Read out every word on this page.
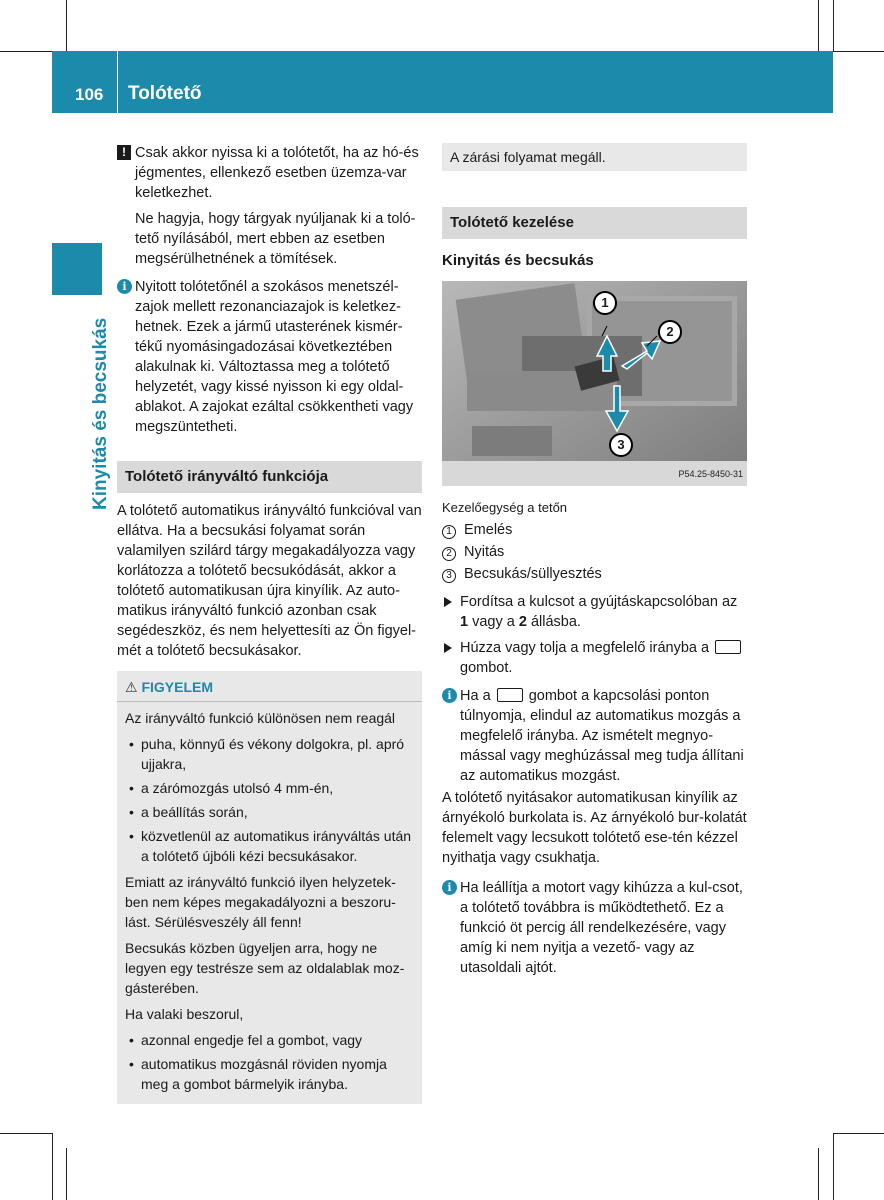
106 Tolótető
Kinyitás és becsukás
! Csak akkor nyissa ki a tolótetőt, ha az hó-és jégmentes, ellenkező esetben üzemza-var keletkezhet.

Ne hagyja, hogy tárgyak nyúljanak ki a toló-tető nyílásából, mert ebben az esetben megsérülhetnének a tömítések.

i Nyitott tolótetőnél a szokásos menetszél-zajok mellett rezonanciazajok is keletkez-hetnek. Ezek a jármű utasterének kismér-tékű nyomásingadozásai következtében alakulnak ki. Változtassa meg a tolótető helyzetét, vagy kissé nyisson ki egy oldal-ablakot. A zajokat ezáltal csökkentheti vagy megszüntetheti.

Tolótető irányváltó funkciója

A tolótető automatikus irányváltó funkcióval van ellátva. Ha a becsukási folyamat során valamilyen szilárd tárgy megakadályozza vagy korlátozza a tolótető becsukódását, akkor a tolótető automatikusan újra kinyílik. Az auto-matikus irányváltó funkció azonban csak segédeszköz, és nem helyettesíti az Ön figyel-mét a tolótető becsukásakor.

⚠ FIGYELEM

Az irányváltó funkció különösen nem reagál

• puha, könnyű és vékony dolgokra, pl. apró ujjakra,
• a zárómozgás utolsó 4 mm-én,
• a beállítás során,
• közvetlenül az automatikus irányváltás után a tolótető újbóli kézi becsukásakor.

Emiatt az irányváltó funkció ilyen helyzetek-ben nem képes megakadályozni a beszoru-lást. Sérülésveszély áll fenn!

Becsukás közben ügyeljen arra, hogy ne legyen egy testrésze sem az oldalablak moz-gásterében.

Ha valaki beszorul,

• azonnal engedje fel a gombot, vagy
• automatikus mozgásnál röviden nyomja meg a gombot bármelyik irányba.
A zárási folyamat megáll.
Tolótető kezelése
Kinyitás és becsukás
1
2
3
P54.25-8450-31

Kezelőegység a tetőn

1 Emelés
2 Nyitás
3 Becsukás/süllyesztés

Fordítsa a kulcsot a gyújtáskapcsolóban az 1 vagy a 2 állásba.

Húzza vagy tolja a megfelelő irányba a
gombot.

i Ha a  gombot a kapcsolási ponton túlnyomja, elindul az automatikus mozgás a megfelelő irányba. Az ismételt megnyo-mással vagy meghúzással meg tudja állítani az automatikus mozgást.

A tolótető nyitásakor automatikusan kinyílik az árnyékoló burkolata is. Az árnyékoló bur-kolatát felemelt vagy lecsukott tolótető ese-tén kézzel nyithatja vagy csukhatja.

i Ha leállítja a motort vagy kihúzza a kul-csot, a tolótető továbbra is működtethető. Ez a funkció öt percig áll rendelkezésére, vagy amíg ki nem nyitja a vezető- vagy az utasoldali ajtót.
